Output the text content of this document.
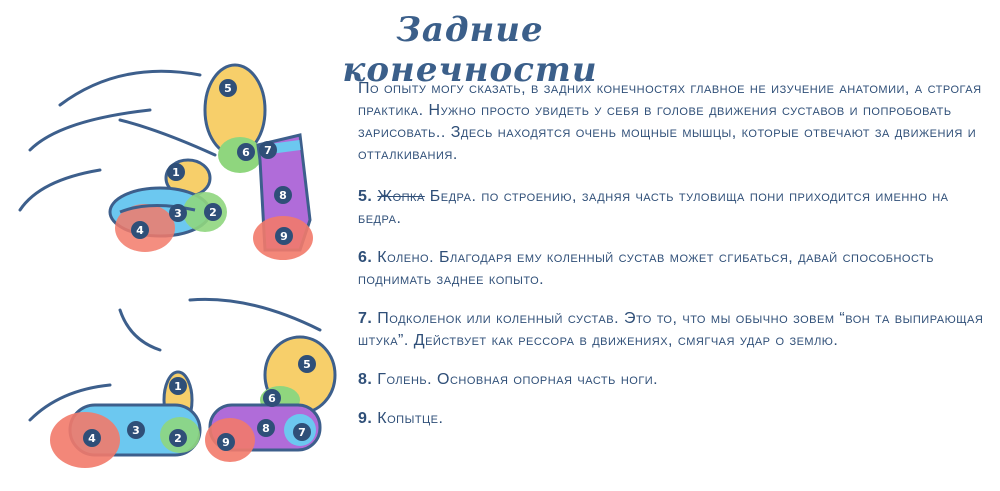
Задние конечности
1
2
3
4
5
6 7
8
9
1
2
3
4
5
6
7
8
9

По опыту могу сказать, в задних конечностях главное не изучение анатомии, а строгая практика. Нужно просто увидеть у себя в голове движения суставов и попробовать зарисовать.. Здесь находятся очень мощные мышцы, которые отвечают за движения и отталкивания.

5. Жопка Бедра. по строению, задняя часть туловища пони приходится именно на бедра.

6. Колено. Благодаря ему коленный сустав может сгибаться, давай способность поднимать заднее копыто.

7. Подколенок или коленный сустав. Это то, что мы обычно зовем “вон та выпирающая штука”. Действует как рессора в движениях, смягчая удар о землю.

8. Голень. Основная опорная часть ноги.

9. Копытце.
